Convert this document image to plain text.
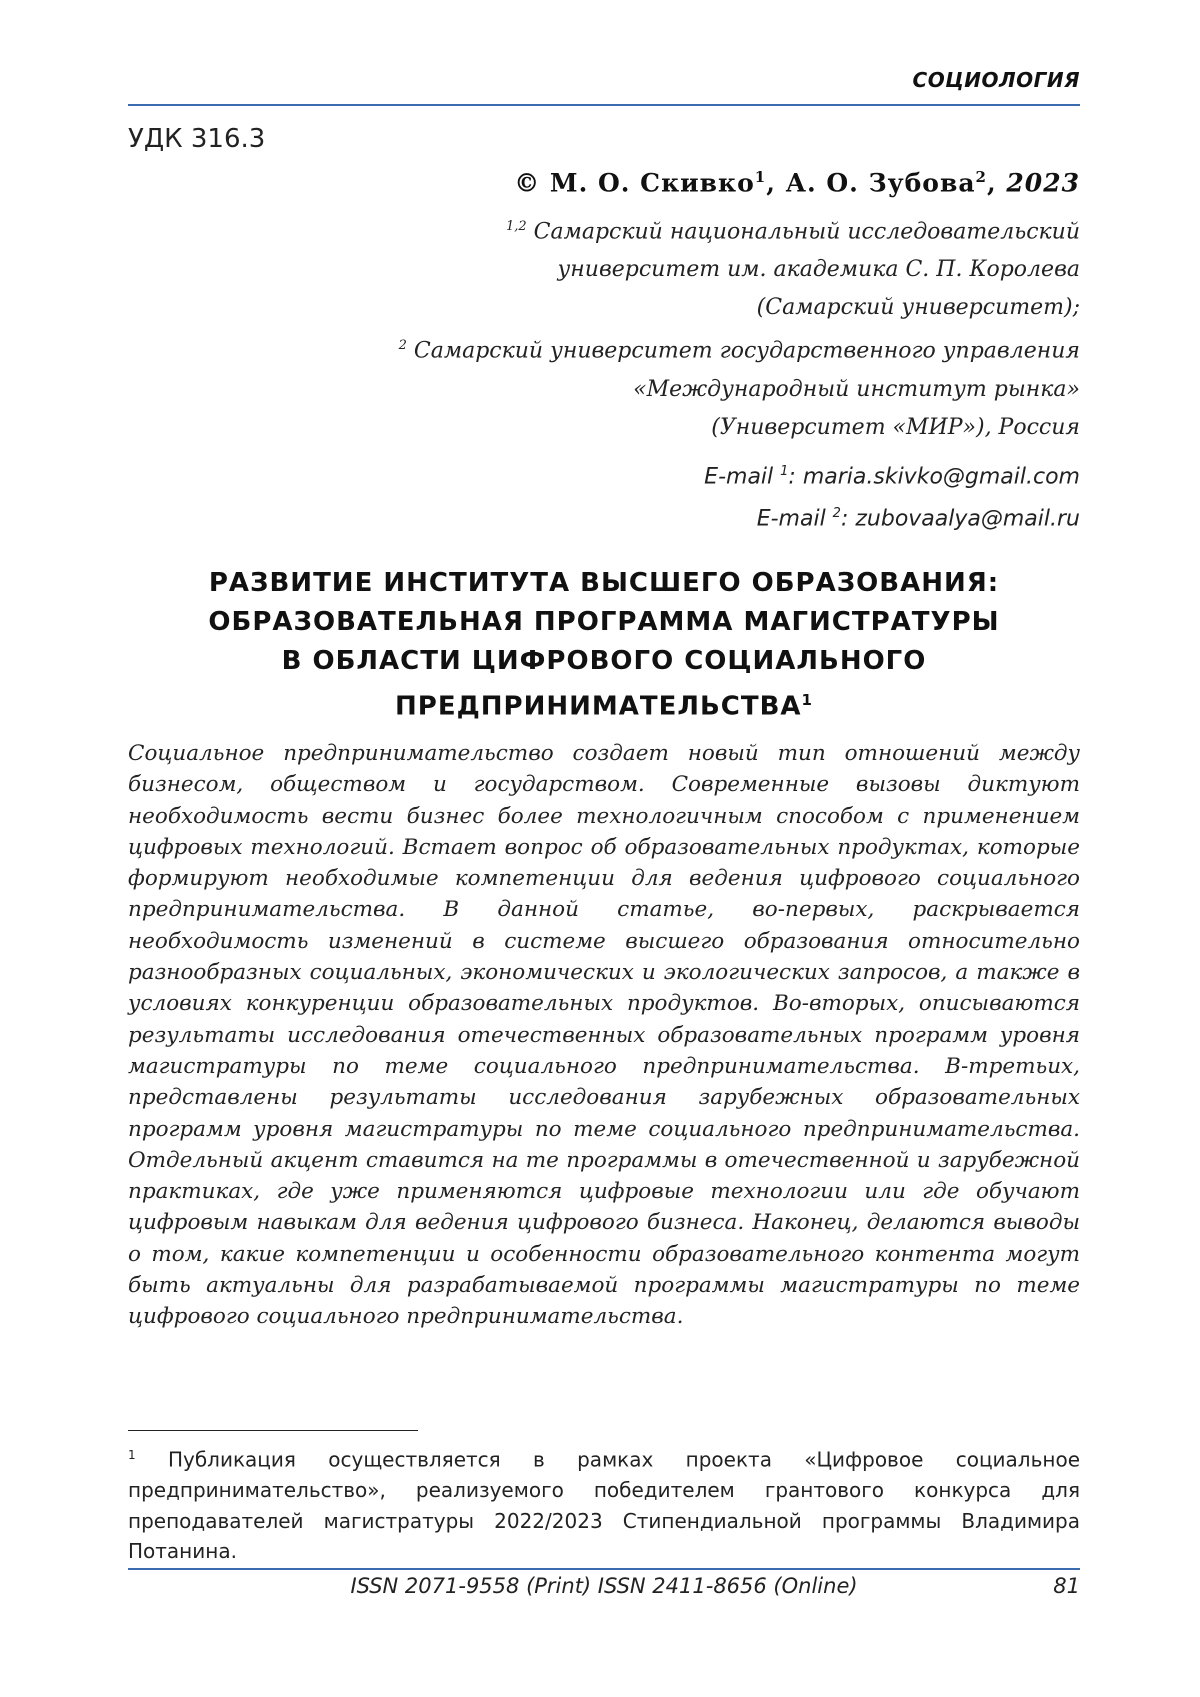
СОЦИОЛОГИЯ
УДК 316.3
© М. О. Скивко$^1$, А. О. Зубова$^2$, 2023
$^{1,2}$ Самарский национальный исследовательский
университет им. академика С. П. Королева
(Самарский университет);
$^2$ Самарский университет государственного управления
«Международный институт рынка»
(Университет «МИР»), Россия
E-mail $^1$: maria.skivko@gmail.com
E-mail $^2$: zubovaalya@mail.ru
РАЗВИТИЕ ИНСТИТУТА ВЫСШЕГО ОБРАЗОВАНИЯ:
ОБРАЗОВАТЕЛЬНАЯ ПРОГРАММА МАГИСТРАТУРЫ
В ОБЛАСТИ ЦИФРОВОГО СОЦИАЛЬНОГО
ПРЕДПРИНИМАТЕЛЬСТВА$^1$
Социальное предпринимательство создает новый тип отношений между бизнесом, обществом и государством. Современные вызовы диктуют необходимость вести бизнес более технологичным способом с применением цифровых технологий. Встает вопрос об образовательных продуктах, которые формируют необходимые компетенции для ведения цифрового социального предпринимательства. В данной статье, во-первых, раскрывается необходимость изменений в системе высшего образования относительно разнообразных социальных, экономических и экологических запросов, а также в условиях конкуренции образовательных продуктов. Во-вторых, описываются результаты исследования отечественных образовательных программ уровня магистратуры по теме социального предпринимательства. В-третьих, представлены результаты исследования зарубежных образовательных программ уровня магистратуры по теме социального предпринимательства. Отдельный акцент ставится на те программы в отечественной и зарубежной практиках, где уже применяются цифровые технологии или где обучают цифровым навыкам для ведения цифрового бизнеса. Наконец, делаются выводы о том, какие компетенции и особенности образовательного контента могут быть актуальны для разрабатываемой программы магистратуры по теме цифрового социального предпринимательства.
$^1$ Публикация осуществляется в рамках проекта «Цифровое социальное предпринимательство», реализуемого победителем грантового конкурса для преподавателей магистратуры 2022/2023 Стипендиальной программы Владимира Потанина.
ISSN 2071-9558 (Print) ISSN 2411-8656 (Online)	81
